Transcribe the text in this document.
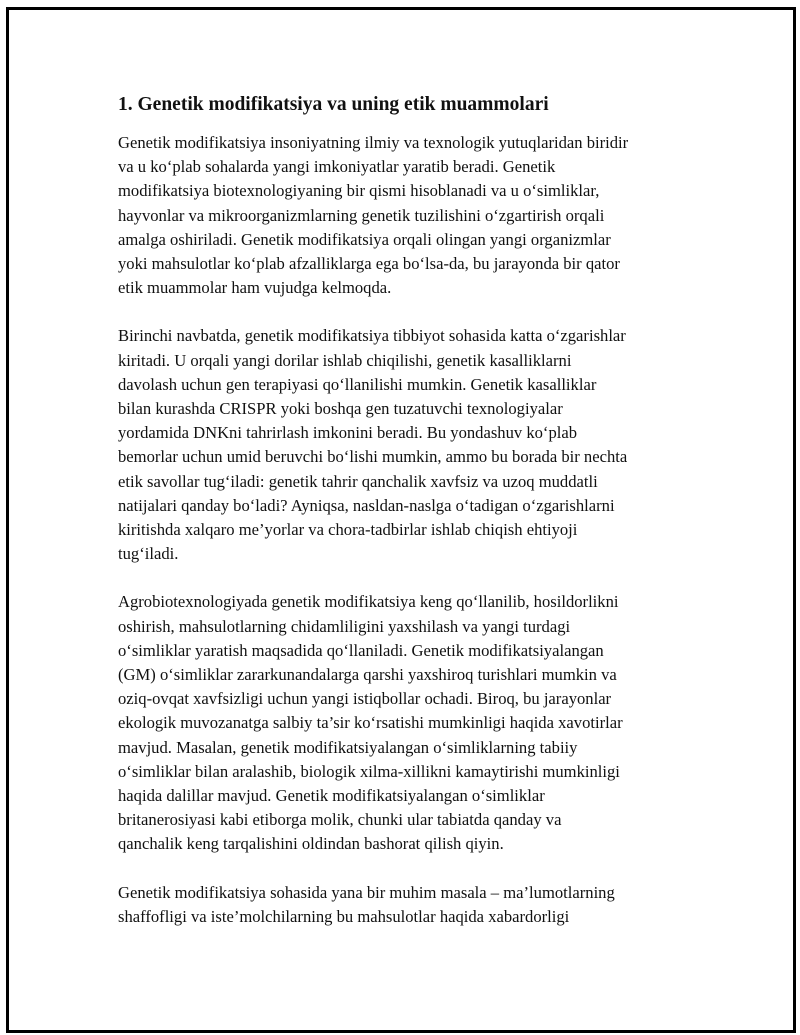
1. Genetik modifikatsiya va uning etik muammolari

Genetik modifikatsiya insoniyatning ilmiy va texnologik yutuqlaridan biridir
va u ko‘plab sohalarda yangi imkoniyatlar yaratib beradi. Genetik
modifikatsiya biotexnologiyaning bir qismi hisoblanadi va u o‘simliklar,
hayvonlar va mikroorganizmlarning genetik tuzilishini o‘zgartirish orqali
amalga oshiriladi. Genetik modifikatsiya orqali olingan yangi organizmlar
yoki mahsulotlar ko‘plab afzalliklarga ega bo‘lsa-da, bu jarayonda bir qator
etik muammolar ham vujudga kelmoqda.

Birinchi navbatda, genetik modifikatsiya tibbiyot sohasida katta o‘zgarishlar
kiritadi. U orqali yangi dorilar ishlab chiqilishi, genetik kasalliklarni
davolash uchun gen terapiyasi qo‘llanilishi mumkin. Genetik kasalliklar
bilan kurashda CRISPR yoki boshqa gen tuzatuvchi texnologiyalar
yordamida DNKni tahrirlash imkonini beradi. Bu yondashuv ko‘plab
bemorlar uchun umid beruvchi bo‘lishi mumkin, ammo bu borada bir nechta
etik savollar tug‘iladi: genetik tahrir qanchalik xavfsiz va uzoq muddatli
natijalari qanday bo‘ladi? Ayniqsa, nasldan-naslga o‘tadigan o‘zgarishlarni
kiritishda xalqaro me’yorlar va chora-tadbirlar ishlab chiqish ehtiyoji
tug‘iladi.

Agrobiotexnologiyada genetik modifikatsiya keng qo‘llanilib, hosildorlikni
oshirish, mahsulotlarning chidamliligini yaxshilash va yangi turdagi
o‘simliklar yaratish maqsadida qo‘llaniladi. Genetik modifikatsiyalangan
(GM) o‘simliklar zararkunandalarga qarshi yaxshiroq turishlari mumkin va
oziq-ovqat xavfsizligi uchun yangi istiqbollar ochadi. Biroq, bu jarayonlar
ekologik muvozanatga salbiy ta’sir ko‘rsatishi mumkinligi haqida xavotirlar
mavjud. Masalan, genetik modifikatsiyalangan o‘simliklarning tabiiy
o‘simliklar bilan aralashib, biologik xilma-xillikni kamaytirishi mumkinligi
haqida dalillar mavjud. Genetik modifikatsiyalangan o‘simliklar
britanerosiyasi kabi etiborga molik, chunki ular tabiatda qanday va
qanchalik keng tarqalishini oldindan bashorat qilish qiyin.

Genetik modifikatsiya sohasida yana bir muhim masala – ma’lumotlarning
shaffofligi va iste’molchilarning bu mahsulotlar haqida xabardorligi
